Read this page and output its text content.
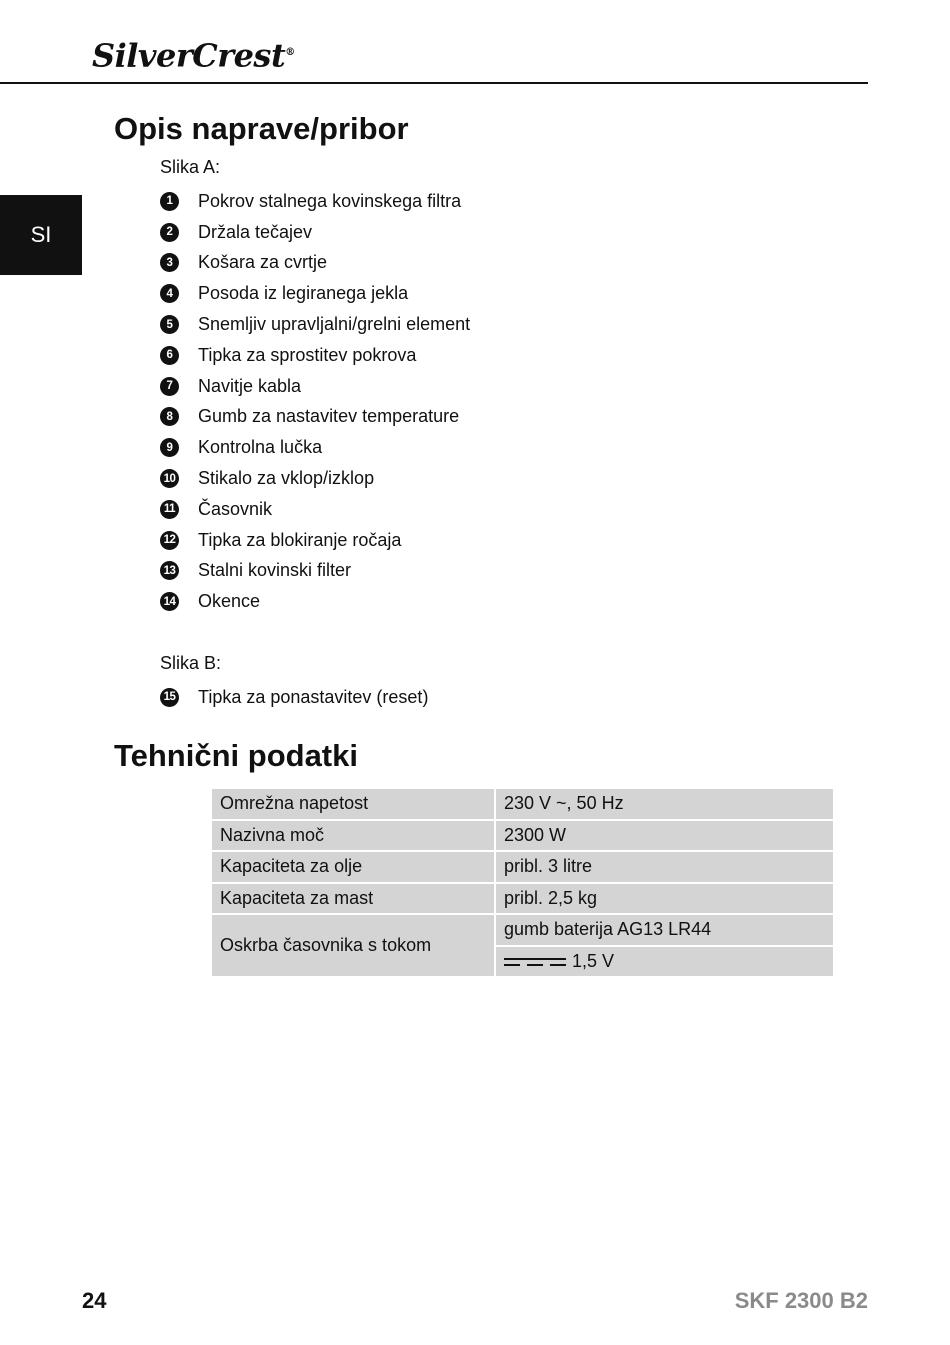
SilverCrest®
SI
Opis naprave/pribor
Slika A:
1	Pokrov stalnega kovinskega filtra
2	Držala tečajev
3	Košara za cvrtje
4	Posoda iz legiranega jekla
5	Snemljiv upravljalni/grelni element
6	Tipka za sprostitev pokrova
7	Navitje kabla
8	Gumb za nastavitev temperature
9	Kontrolna lučka
10 Stikalo za vklop/izklop
11 Časovnik
12 Tipka za blokiranje ročaja
13 Stalni kovinski filter
14 Okence
Slika B:
15 Tipka za ponastavitev (reset)
Tehnični podatki
Omrežna napetost	230 V ~, 50 Hz
Nazivna moč	2300 W
Kapaciteta za olje	pribl. 3 litre
Kapaciteta za mast	pribl. 2,5 kg
Oskrba časovnika s tokom	gumb baterija AG13 LR44

1,5 V
24	SKF 2300 B2
